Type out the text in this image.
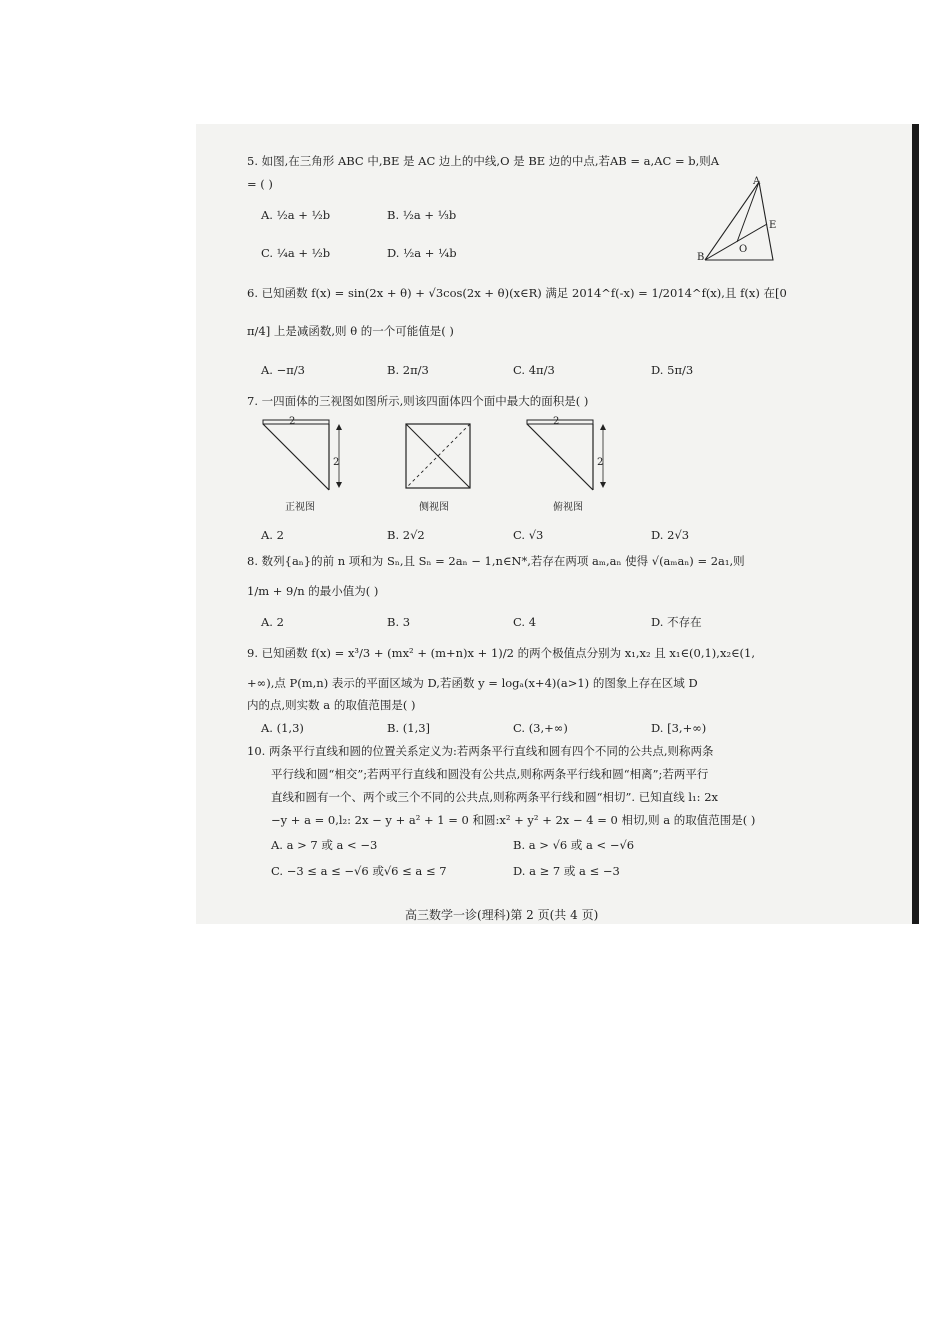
5. 如图,在三角形 ABC 中,BE 是 AC 边上的中线,O 是 BE 边的中点,若AB = a,AC = b,则A
= ( )
A. ½a + ½b	B. ½a + ⅓b
C. ¼a + ½b	D. ½a + ¼b
A
E
B
O
6. 已知函数 f(x) = sin(2x + θ) + √3cos(2x + θ)(x∈R) 满足 2014^f(-x) = 1/2014^f(x),且 f(x) 在[0
π/4] 上是减函数,则 θ 的一个可能值是( )
A. −π/3	B. 2π/3	C. 4π/3	D. 5π/3
7. 一四面体的三视图如图所示,则该四面体四个面中最大的面积是( )
2
2
正视图	侧视图
2
2
俯视图
A. 2	B. 2√2	C. √3	D. 2√3
8. 数列{aₙ}的前 n 项和为 Sₙ,且 Sₙ = 2aₙ − 1,n∈N*,若存在两项 aₘ,aₙ 使得 √(aₘaₙ) = 2a₁,则
1/m + 9/n 的最小值为( )
A. 2	B. 3	C. 4	D. 不存在
9. 已知函数 f(x) = x³/3 + (mx² + (m+n)x + 1)/2 的两个极值点分别为 x₁,x₂ 且 x₁∈(0,1),x₂∈(1,
+∞),点 P(m,n) 表示的平面区域为 D,若函数 y = logₐ(x+4)(a>1) 的图象上存在区域 D
内的点,则实数 a 的取值范围是( )
A. (1,3)	B. (1,3]	C. (3,+∞)	D. [3,+∞)
10. 两条平行直线和圆的位置关系定义为:若两条平行直线和圆有四个不同的公共点,则称两条
平行线和圆“相交”;若两平行直线和圆没有公共点,则称两条平行线和圆“相离”;若两平行
直线和圆有一个、两个或三个不同的公共点,则称两条平行线和圆“相切”. 已知直线 l₁: 2x
−y + a = 0,l₂: 2x − y + a² + 1 = 0 和圆:x² + y² + 2x − 4 = 0 相切,则 a 的取值范围是( )
A. a > 7 或 a < −3	B. a > √6 或 a < −√6
C. −3 ≤ a ≤ −√6 或√6 ≤ a ≤ 7	D. a ≥ 7 或 a ≤ −3
高三数学一诊(理科)第 2 页(共 4 页)
